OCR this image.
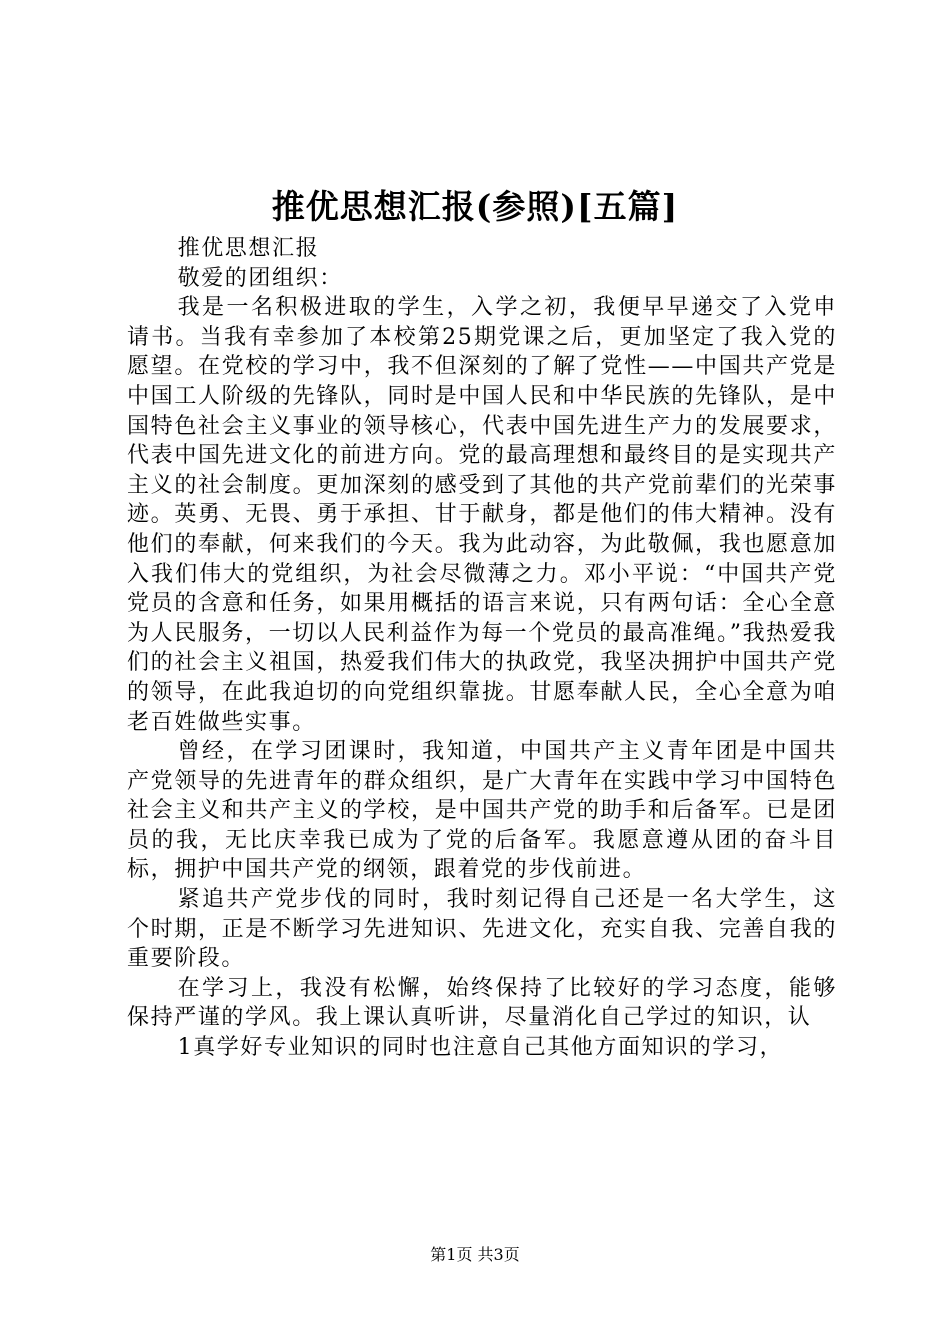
推优思想汇报(参照)[五篇]

推优思想汇报

敬爱的团组织：

我是一名积极进取的学生，入学之初，我便早早递交了入党申请书。当我有幸参加了本校第25期党课之后，更加坚定了我入党的愿望。在党校的学习中，我不但深刻的了解了党性——中国共产党是中国工人阶级的先锋队，同时是中国人民和中华民族的先锋队，是中国特色社会主义事业的领导核心，代表中国先进生产力的发展要求，代表中国先进文化的前进方向。党的最高理想和最终目的是实现共产主义的社会制度。更加深刻的感受到了其他的共产党前辈们的光荣事迹。英勇、无畏、勇于承担、甘于献身，都是他们的伟大精神。没有他们的奉献，何来我们的今天。我为此动容，为此敬佩，我也愿意加入我们伟大的党组织，为社会尽微薄之力。邓小平说：“中国共产党党员的含意和任务，如果用概括的语言来说，只有两句话：全心全意为人民服务，一切以人民利益作为每一个党员的最高准绳。”我热爱我们的社会主义祖国，热爱我们伟大的执政党，我坚决拥护中国共产党的领导，在此我迫切的向党组织靠拢。甘愿奉献人民，全心全意为咱老百姓做些实事。

曾经，在学习团课时，我知道，中国共产主义青年团是中国共产党领导的先进青年的群众组织，是广大青年在实践中学习中国特色社会主义和共产主义的学校，是中国共产党的助手和后备军。已是团员的我，无比庆幸我已成为了党的后备军。我愿意遵从团的奋斗目标，拥护中国共产党的纲领，跟着党的步伐前进。

紧追共产党步伐的同时，我时刻记得自己还是一名大学生，这个时期，正是不断学习先进知识、先进文化，充实自我、完善自我的重要阶段。

在学习上，我没有松懈，始终保持了比较好的学习态度，能够保持严谨的学风。我上课认真听讲，尽量消化自己学过的知识，认

1真学好专业知识的同时也注意自己其他方面知识的学习，

第1页 共3页
